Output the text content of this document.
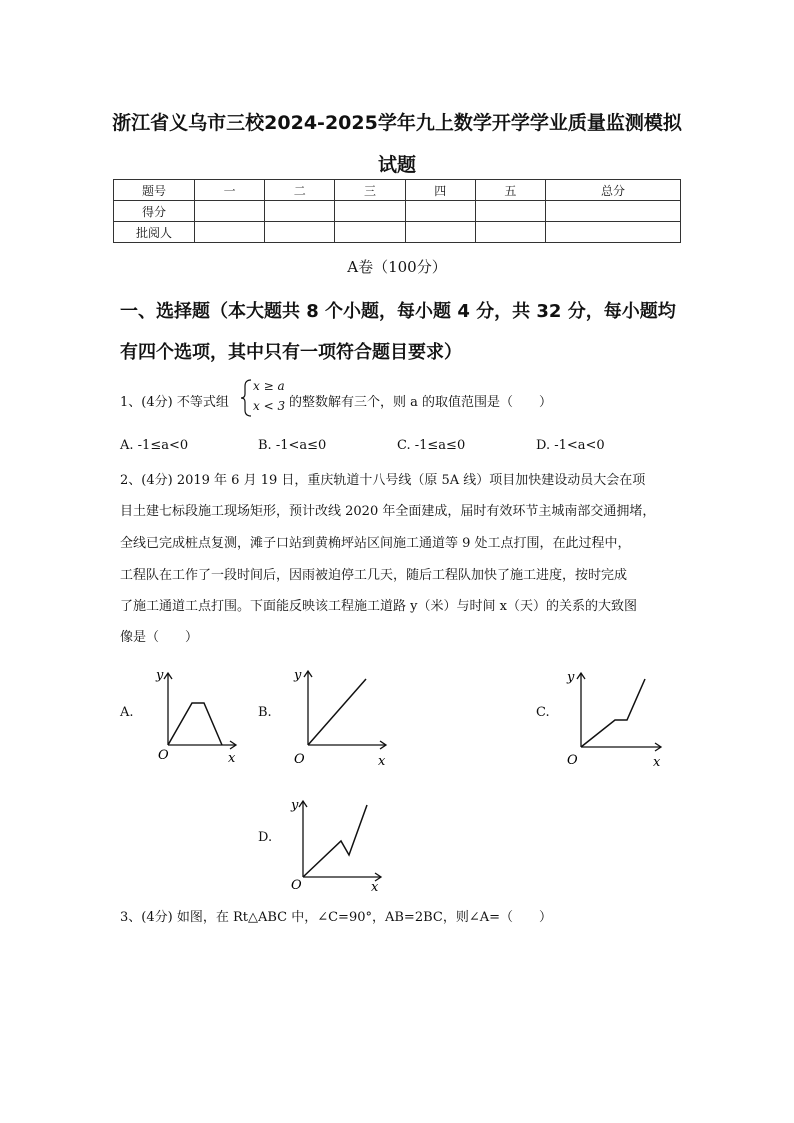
浙江省义乌市三校2024-2025学年九上数学开学学业质量监测模拟
试题
题号	一	二	三	四	五	总分
得分						
批阅人						
A卷（100分）
一、选择题（本大题共 8 个小题，每小题 4 分，共 32 分，每小题均
有四个选项，其中只有一项符合题目要求）
1、(4分) 不等式组
x ≥ a
x < 3 的整数解有三个，则 a 的取值范围是（　　）
A. -1≤a<0	B. -1<a≤0	C. -1≤a≤0	D. -1<a<0
2、(4分) 2019 年 6 月 19 日，重庆轨道十八号线（原 5A 线）项目加快建设动员大会在项
目土建七标段施工现场矩形，预计改线 2020 年全面建成，届时有效环节主城南部交通拥堵，
全线已完成桩点复测，滩子口站到黄桷坪站区间施工通道等 9 处工点打围，在此过程中，
工程队在工作了一段时间后，因雨被迫停工几天，随后工程队加快了施工进度，按时完成
了施工通道工点打围。下面能反映该工程施工道路 y（米）与时间 x（天）的关系的大致图
像是（　　）
A.
O	x
y
B.
O	x
y
C.
O	x
y
D.
O	x
y
3、(4分) 如图，在 Rt△ABC 中，∠C=90°，AB=2BC，则∠A=（　　）
